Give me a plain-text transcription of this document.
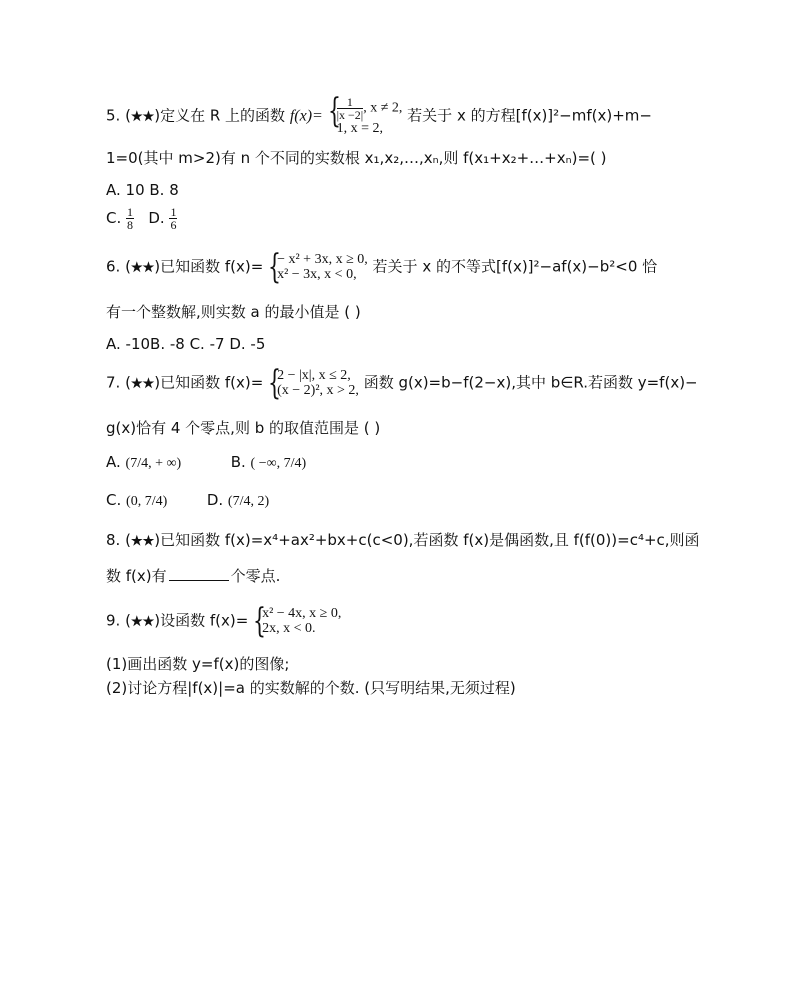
5. (★★)定义在 R 上的函数 f(x)= {
$\frac{1}{|x -2|}$ , x ≠ 2,
1, x = 2,
若关于 x 的方程[f(x)]²−mf(x)+m−
1=0(其中 m>2)有 n 个不同的实数根 x₁,x₂,…,xₙ,则 f(x₁+x₂+…+xₙ)=( )
A. 10 B. 8
C. $\frac{1}{8} D$. $\frac{1}{6}$
6. (★★)已知函数 f(x)= {
− x² + 3x, x ≥ 0,
x² − 3x, x < 0,	若关于 x 的不等式[f(x)]²−af(x)−b²<0 恰
有一个整数解,则实数 a 的最小值是 ( )
A. -10B. -8 C. -7 D. -5
7. (★★)已知函数 f(x)= {
2 − |x|, x ≤ 2,
(x − 2)², x > 2, 函数 g(x)=b−f(2−x),其中 b∈R.若函数 y=f(x)−
g(x)恰有 4 个零点,则 b 的取值范围是 ( )
A. (7/4, + ∞)	B. ( −∞, 7/4)
C. (0, 7/4)	D. (7/4, 2)
8. (★★)已知函数 f(x)=x⁴+ax²+bx+c(c<0),若函数 f(x)是偶函数,且 f(f(0))=c⁴+c,则函
数 f(x)有	个零点.
9. (★★)设函数 f(x)= {
x² − 4x, x ≥ 0,
2x, x < 0.
(1)画出函数 y=f(x)的图像;
(2)讨论方程|f(x)|=a 的实数解的个数. (只写明结果,无须过程)
